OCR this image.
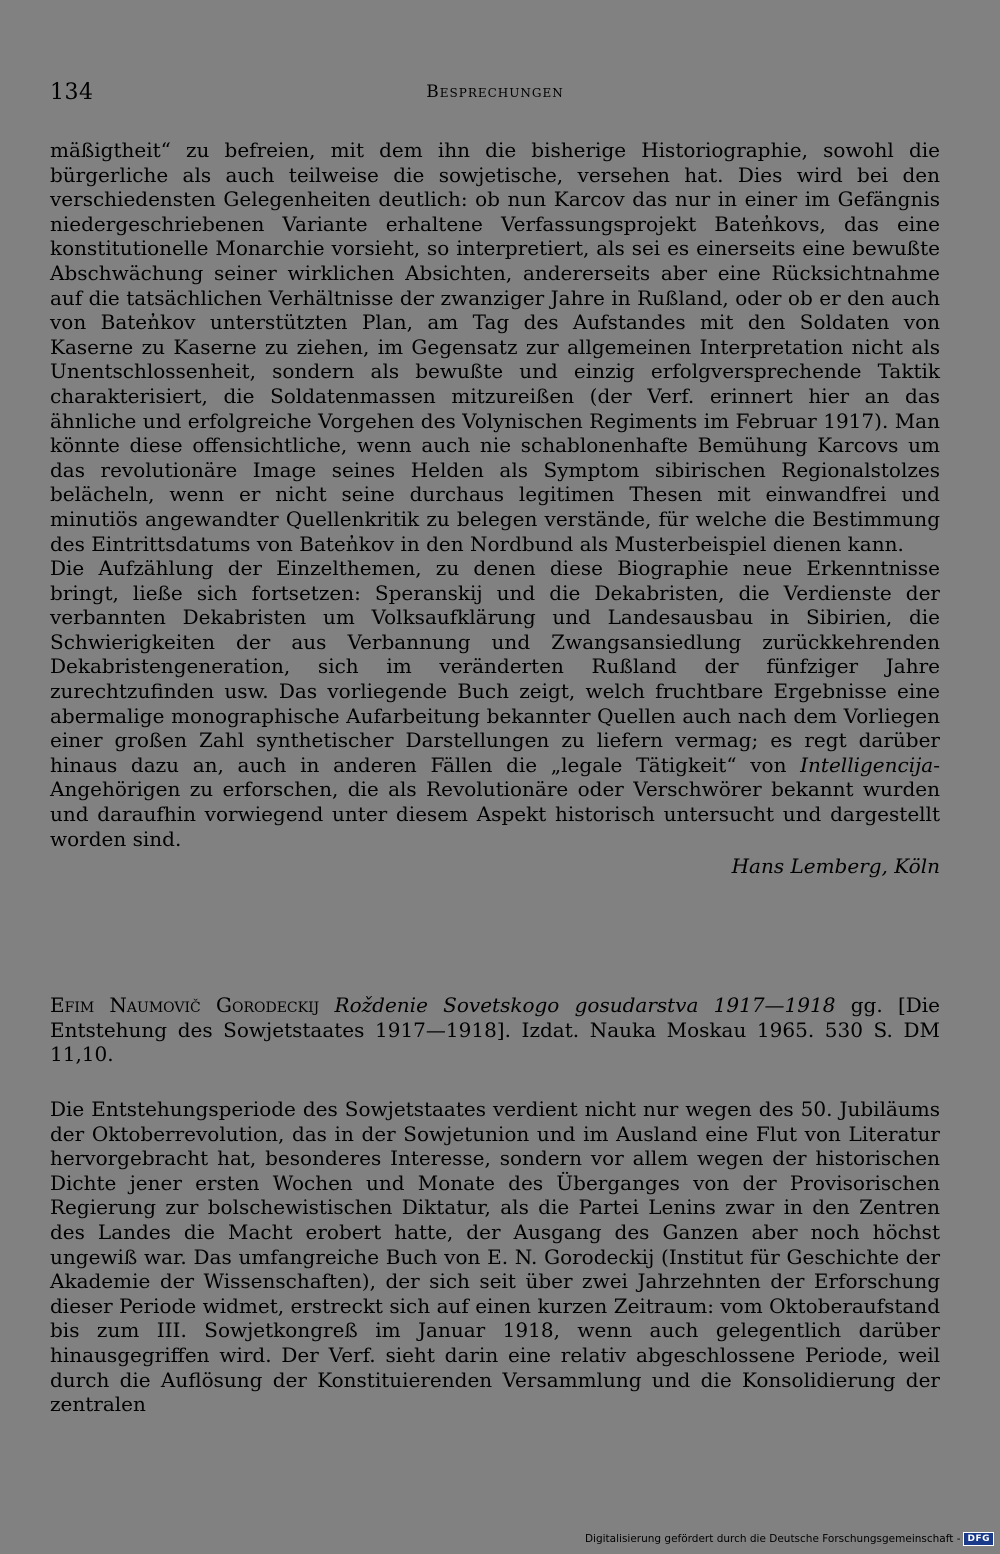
134	Besprechungen

mäßigtheit“ zu befreien, mit dem ihn die bisherige Historiographie, sowohl die bürgerliche als auch teilweise die sowjetische, versehen hat. Dies wird bei den verschiedensten Gelegenheiten deutlich: ob nun Karcov das nur in einer im Gefängnis niedergeschriebenen Variante erhaltene Verfassungsprojekt Baten̓kovs, das eine konstitutionelle Monarchie vorsieht, so interpretiert, als sei es einerseits eine bewußte Abschwächung seiner wirklichen Absichten, andererseits aber eine Rücksichtnahme auf die tatsächlichen Verhältnisse der zwanziger Jahre in Rußland, oder ob er den auch von Baten̓kov unterstützten Plan, am Tag des Aufstandes mit den Soldaten von Kaserne zu Kaserne zu ziehen, im Gegensatz zur allgemeinen Interpretation nicht als Unentschlossenheit, sondern als bewußte und einzig erfolgversprechende Taktik charakterisiert, die Soldatenmassen mitzureißen (der Verf. erinnert hier an das ähnliche und erfolgreiche Vorgehen des Volynischen Regiments im Februar 1917). Man könnte diese offensichtliche, wenn auch nie schablonenhafte Bemühung Karcovs um das revolutionäre Image seines Helden als Symptom sibirischen Regionalstolzes belächeln, wenn er nicht seine durchaus legitimen Thesen mit einwandfrei und minutiös angewandter Quellenkritik zu belegen verstände, für welche die Bestimmung des Eintrittsdatums von Baten̓kov in den Nordbund als Musterbeispiel dienen kann.

Die Aufzählung der Einzelthemen, zu denen diese Biographie neue Erkenntnisse bringt, ließe sich fortsetzen: Speranskij und die Dekabristen, die Verdienste der verbannten Dekabristen um Volksaufklärung und Landesausbau in Sibirien, die Schwierigkeiten der aus Verbannung und Zwangsansiedlung zurückkehrenden Dekabristengeneration, sich im veränderten Rußland der fünfziger Jahre zurechtzufinden usw. Das vorliegende Buch zeigt, welch fruchtbare Ergebnisse eine abermalige monographische Aufarbeitung bekannter Quellen auch nach dem Vorliegen einer großen Zahl synthetischer Darstellungen zu liefern vermag; es regt darüber hinaus dazu an, auch in anderen Fällen die „legale Tätigkeit“ von Intelligencija-Angehörigen zu erforschen, die als Revolutionäre oder Verschwörer bekannt wurden und daraufhin vorwiegend unter diesem Aspekt historisch untersucht und dargestellt worden sind.

Hans Lemberg, Köln
Efim Naumovič Gorodeckij Roždenie Sovetskogo gosudarstva 1917—1918 gg. [Die Entstehung des Sowjetstaates 1917—1918]. Izdat. Nauka Moskau 1965. 530 S. DM 11,10.

Die Entstehungsperiode des Sowjetstaates verdient nicht nur wegen des 50. Jubiläums der Oktoberrevolution, das in der Sowjetunion und im Ausland eine Flut von Literatur hervorgebracht hat, besonderes Interesse, sondern vor allem wegen der historischen Dichte jener ersten Wochen und Monate des Überganges von der Provisorischen Regierung zur bolschewistischen Diktatur, als die Partei Lenins zwar in den Zentren des Landes die Macht erobert hatte, der Ausgang des Ganzen aber noch höchst ungewiß war. Das umfangreiche Buch von E. N. Gorodeckij (Institut für Geschichte der Akademie der Wissenschaften), der sich seit über zwei Jahrzehnten der Erforschung dieser Periode widmet, erstreckt sich auf einen kurzen Zeitraum: vom Oktoberaufstand bis zum III. Sowjetkongreß im Januar 1918, wenn auch gelegentlich darüber hinausgegriffen wird. Der Verf. sieht darin eine relativ abgeschlossene Periode, weil durch die Auflösung der Konstituierenden Versammlung und die Konsolidierung der zentralen

Digitalisierung gefördert durch die Deutsche Forschungsgemeinschaft - DFG
